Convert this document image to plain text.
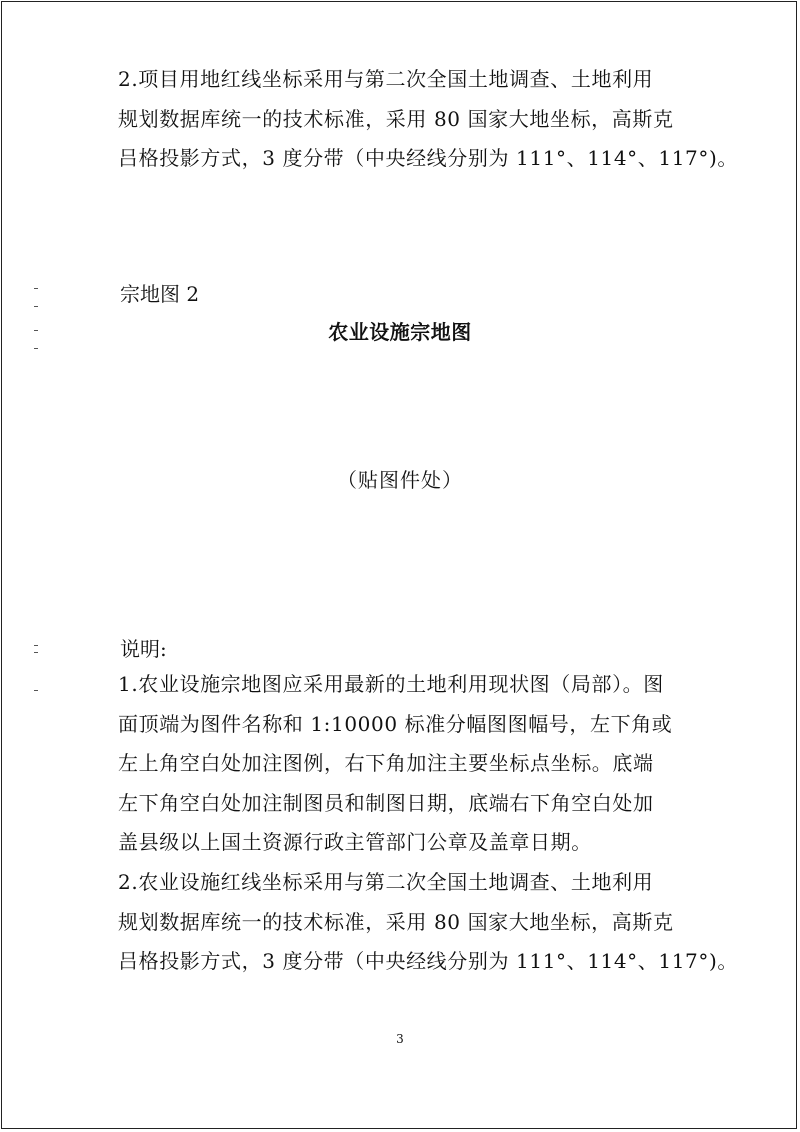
2.项目用地红线坐标采用与第二次全国土地调查、土地利用
规划数据库统一的技术标准，采用 80 国家大地坐标，高斯克
吕格投影方式，3 度分带（中央经线分别为 111°、114°、117°)。

宗地图 2

农业设施宗地图

（贴图件处）

说明:

1.农业设施宗地图应采用最新的土地利用现状图（局部）。图
面顶端为图件名称和 1:10000 标准分幅图图幅号，左下角或
左上角空白处加注图例，右下角加注主要坐标点坐标。底端
左下角空白处加注制图员和制图日期，底端右下角空白处加
盖县级以上国土资源行政主管部门公章及盖章日期。
2.农业设施红线坐标采用与第二次全国土地调查、土地利用
规划数据库统一的技术标准，采用 80 国家大地坐标，高斯克
吕格投影方式，3 度分带（中央经线分别为 111°、114°、117°)。

3
